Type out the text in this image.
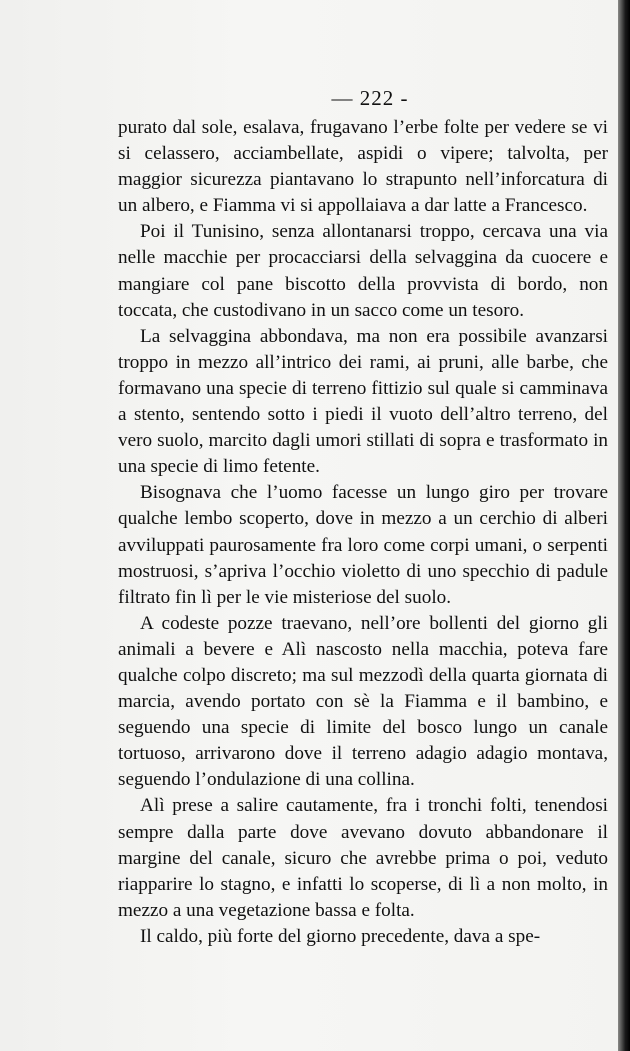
— 222 -

purato dal sole, esalava, frugavano l’erbe folte per vedere se vi si celassero, acciambellate, aspidi o vipere; talvolta, per maggior sicurezza piantavano lo strapunto nell’inforcatura di un albero, e Fiamma vi si appollaiava a dar latte a Francesco.

Poi il Tunisino, senza allontanarsi troppo, cercava una via nelle macchie per procacciarsi della selvaggina da cuocere e mangiare col pane biscotto della provvista di bordo, non toccata, che custodivano in un sacco come un tesoro.

La selvaggina abbondava, ma non era possibile avanzarsi troppo in mezzo all’intrico dei rami, ai pruni, alle barbe, che formavano una specie di terreno fittizio sul quale si camminava a stento, sentendo sotto i piedi il vuoto dell’altro terreno, del vero suolo, marcito dagli umori stillati di sopra e trasformato in una specie di limo fetente.

Bisognava che l’uomo facesse un lungo giro per trovare qualche lembo scoperto, dove in mezzo a un cerchio di alberi avviluppati paurosamente fra loro come corpi umani, o serpenti mostruosi, s’apriva l’occhio violetto di uno specchio di padule filtrato fin lì per le vie misteriose del suolo.

A codeste pozze traevano, nell’ore bollenti del giorno gli animali a bevere e Alì nascosto nella macchia, poteva fare qualche colpo discreto; ma sul mezzodì della quarta giornata di marcia, avendo portato con sè la Fiamma e il bambino, e seguendo una specie di limite del bosco lungo un canale tortuoso, arrivarono dove il terreno adagio adagio montava, seguendo l’ondulazione di una collina.

Alì prese a salire cautamente, fra i tronchi folti, tenendosi sempre dalla parte dove avevano dovuto abbandonare il margine del canale, sicuro che avrebbe prima o poi, veduto riapparire lo stagno, e infatti lo scoperse, di lì a non molto, in mezzo a una vegetazione bassa e folta.

Il caldo, più forte del giorno precedente, dava a spe-
